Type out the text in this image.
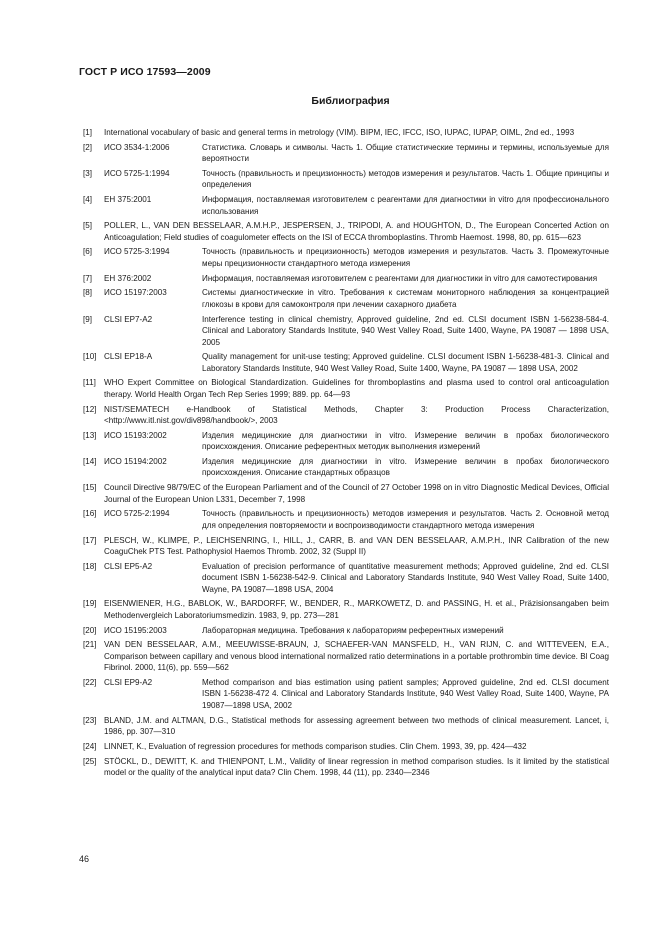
ГОСТ Р ИСО 17593—2009
Библиография
[1]	International vocabulary of basic and general terms in metrology (VIM). BIPM, IEC, IFCC, ISO, IUPAC, IUPAP, OIML, 2nd ed., 1993
[2]	ИСО 3534-1:2006	Статистика. Словарь и символы. Часть 1. Общие статистические термины и термины, используемые для вероятности
[3]	ИСО 5725-1:1994	Точность (правильность и прецизионность) методов измерения и результатов. Часть 1. Общие принципы и определения
[4]	ЕН 375:2001	Информация, поставляемая изготовителем с реагентами для диагностики in vitro для профессионального использования
[5]	POLLER, L., VAN DEN BESSELAAR, A.M.H.P., JESPERSEN, J., TRIPODI, A. and HOUGHTON, D., The European Concerted Action on Anticoagulation; Field studies of coagulometer effects on the ISI of ECCA thromboplastins. Thromb Haemost. 1998, 80, pp. 615—623
[6]	ИСО 5725-3:1994	Точность (правильность и прецизионность) методов измерения и результатов. Часть 3. Промежуточные меры прецизионности стандартного метода измерения
[7]	ЕН 376:2002	Информация, поставляемая изготовителем с реагентами для диагностики in vitro для самотестирования
[8]	ИСО 15197:2003	Системы диагностические in vitro. Требования к системам мониторного наблюдения за концентрацией глюкозы в крови для самоконтроля при лечении сахарного диабета
[9]	CLSI EP7-A2	Interference testing in clinical chemistry, Approved guideline, 2nd ed. CLSI document ISBN 1-56238-584-4. Clinical and Laboratory Standards Institute, 940 West Valley Road, Suite 1400, Wayne, PA 19087 — 1898 USA, 2005
[10] CLSI EP18-A	Quality management for unit-use testing; Approved guideline. CLSI document ISBN 1-56238-481-3. Clinical and Laboratory Standards Institute, 940 West Valley Road, Suite 1400, Wayne, PA 19087 — 1898 USA, 2002
[11] WHO Expert Committee on Biological Standardization. Guidelines for thromboplastins and plasma used to control oral anticoagulation therapy. World Health Organ Tech Rep Series 1999; 889. pp. 64—93
[12] NIST/SEMATECH e-Handbook of Statistical Methods, Chapter 3: Production Process Characterization, <http://www.itl.nist.gov/div898/handbook/>, 2003
[13] ИСО 15193:2002	Изделия медицинские для диагностики in vitro. Измерение величин в пробах биологического происхождения. Описание референтных методик выполнения измерений
[14] ИСО 15194:2002	Изделия медицинские для диагностики in vitro. Измерение величин в пробах биологического происхождения. Описание стандартных образцов
[15] Council Directive 98/79/EC of the European Parliament and of the Council of 27 October 1998 on in vitro Diagnostic Medical Devices, Official Journal of the European Union L331, December 7, 1998
[16] ИСО 5725-2:1994	Точность (правильность и прецизионность) методов измерения и результатов. Часть 2. Основной метод для определения повторяемости и воспроизводимости стандартного метода измерения
[17] PLESCH, W., KLIMPE, P., LEICHSENRING, I., HILL, J., CARR, B. and VAN DEN BESSELAAR, A.M.P.H., INR Calibration of the new CoaguChek PTS Test. Pathophysiol Haemos Thromb. 2002, 32 (Suppl II)
[18] CLSI EP5-A2	Evaluation of precision performance of quantitative measurement methods; Approved guideline, 2nd ed. CLSI document ISBN 1-56238-542-9. Clinical and Laboratory Standards Institute, 940 West Valley Road, Suite 1400, Wayne, PA 19087—1898 USA, 2004
[19] EISENWIENER, H.G., BABLOK, W., BARDORFF, W., BENDER, R., MARKOWETZ, D. and PASSING, H. et al., Präzisionsangaben beim Methodenvergleich Laboratoriumsmedizin. 1983, 9, pp. 273—281
[20] ИСО 15195:2003	Лабораторная медицина. Требования к лабораториям референтных измерений
[21] VAN DEN BESSELAAR, A.M., MEEUWISSE-BRAUN, J, SCHAEFER-VAN MANSFELD, H., VAN RIJN, C. and WITTEVEEN, E.A., Comparison between capillary and venous blood international normalized ratio determinations in a portable prothrombin time device. Bl Coag Fibrinol. 2000, 11(6), pp. 559—562
[22] CLSI EP9-A2	Method comparison and bias estimation using patient samples; Approved guideline, 2nd ed. CLSI document ISBN 1-56238-472 4. Clinical and Laboratory Standards Institute, 940 West Valley Road, Suite 1400, Wayne, PA 19087—1898 USA, 2002
[23] BLAND, J.M. and ALTMAN, D.G., Statistical methods for assessing agreement between two methods of clinical measurement. Lancet, i, 1986, pp. 307—310
[24] LINNET, K., Evaluation of regression procedures for methods comparison studies. Clin Chem. 1993, 39, pp. 424—432
[25] STÖCKL, D., DEWITT, K. and THIENPONT, L.M., Validity of linear regression in method comparison studies. Is it limited by the statistical model or the quality of the analytical input data? Clin Chem. 1998, 44 (11), pp. 2340—2346
46
